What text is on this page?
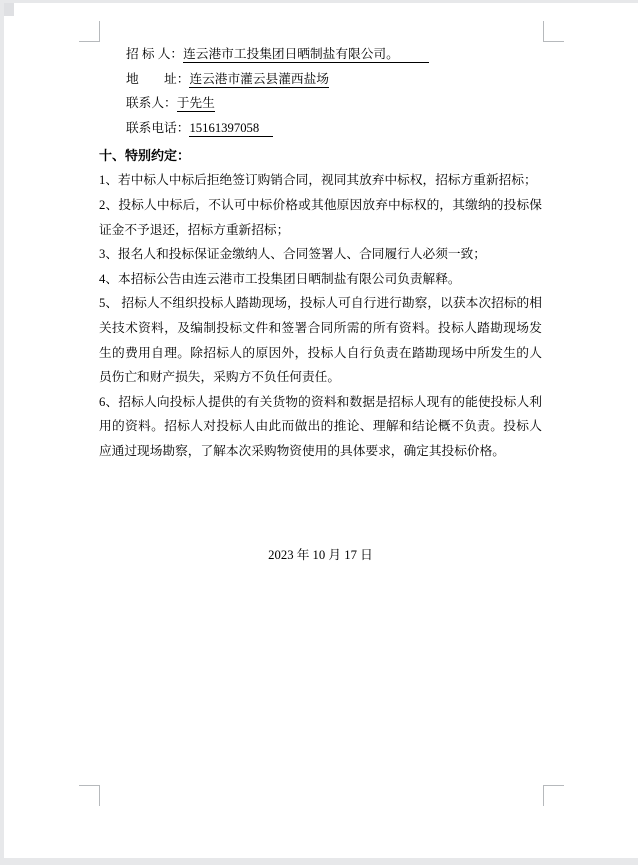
招 标 人：连云港市工投集团日晒制盐有限公司。
地        址：连云港市灌云县灌西盐场
联系人：于先生
联系电话：15161397058
十、特别约定：

1、若中标人中标后拒绝签订购销合同，视同其放弃中标权，招标方重新招标；

2、投标人中标后，不认可中标价格或其他原因放弃中标权的，其缴纳的投标保证金不予退还，招标方重新招标；

3、报名人和投标保证金缴纳人、合同签署人、合同履行人必须一致；

4、本招标公告由连云港市工投集团日晒制盐有限公司负责解释。

5、 招标人不组织投标人踏勘现场，投标人可自行进行勘察，以获本次招标的相关技术资料，及编制投标文件和签署合同所需的所有资料。投标人踏勘现场发生的费用自理。除招标人的原因外，投标人自行负责在踏勘现场中所发生的人员伤亡和财产损失，采购方不负任何责任。

6、招标人向投标人提供的有关货物的资料和数据是招标人现有的能使投标人利用的资料。招标人对投标人由此而做出的推论、理解和结论概不负责。投标人应通过现场勘察，了解本次采购物资使用的具体要求，确定其投标价格。

2023 年 10 月 17 日
